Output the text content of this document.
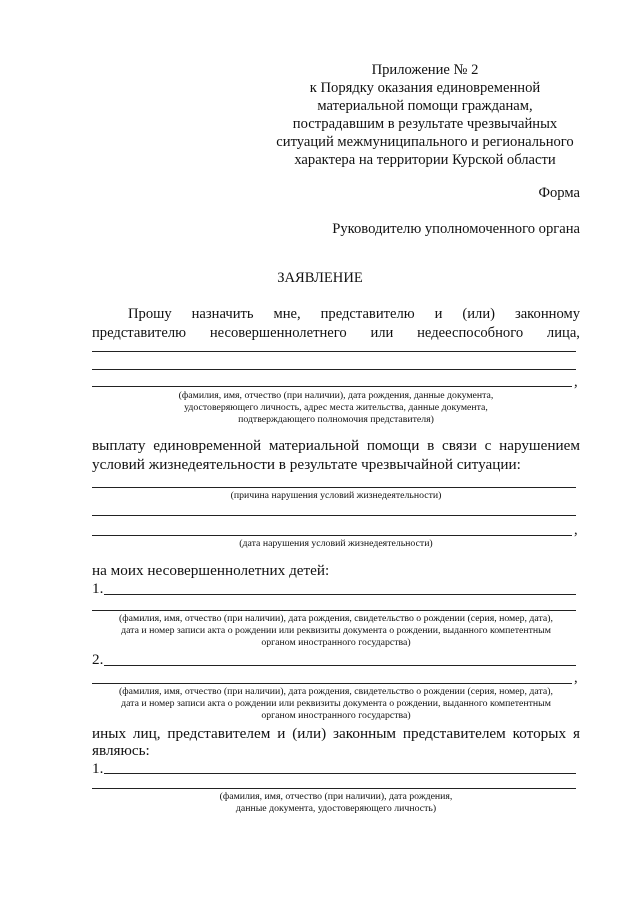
Приложение № 2
к Порядку оказания единовременной
материальной помощи гражданам,
пострадавшим в результате чрезвычайных
ситуаций межмуниципального и регионального
характера на территории Курской области
Форма
Руководителю уполномоченного органа
ЗАЯВЛЕНИЕ
Прошу назначить мне, представителю и (или) законному
представителю несовершеннолетнего или недееспособного лица,
,
(фамилия, имя, отчество (при наличии), дата рождения, данные документа,
удостоверяющего личность, адрес места жительства, данные документа,
подтверждающего полномочия представителя)
выплату единовременной материальной помощи в связи с нарушением
условий жизнедеятельности в результате чрезвычайной ситуации:
(причина нарушения условий жизнедеятельности)
,
(дата нарушения условий жизнедеятельности)
на моих несовершеннолетних детей:
1.
(фамилия, имя, отчество (при наличии), дата рождения, свидетельство о рождении (серия, номер, дата),
дата и номер записи акта о рождении или реквизиты документа о рождении, выданного компетентным
органом иностранного государства)
2.
,
(фамилия, имя, отчество (при наличии), дата рождения, свидетельство о рождении (серия, номер, дата),
дата и номер записи акта о рождении или реквизиты документа о рождении, выданного компетентным
органом иностранного государства)
иных лиц, представителем и (или) законным представителем которых я
являюсь:
1.
(фамилия, имя, отчество (при наличии), дата рождения,
данные документа, удостоверяющего личность)
